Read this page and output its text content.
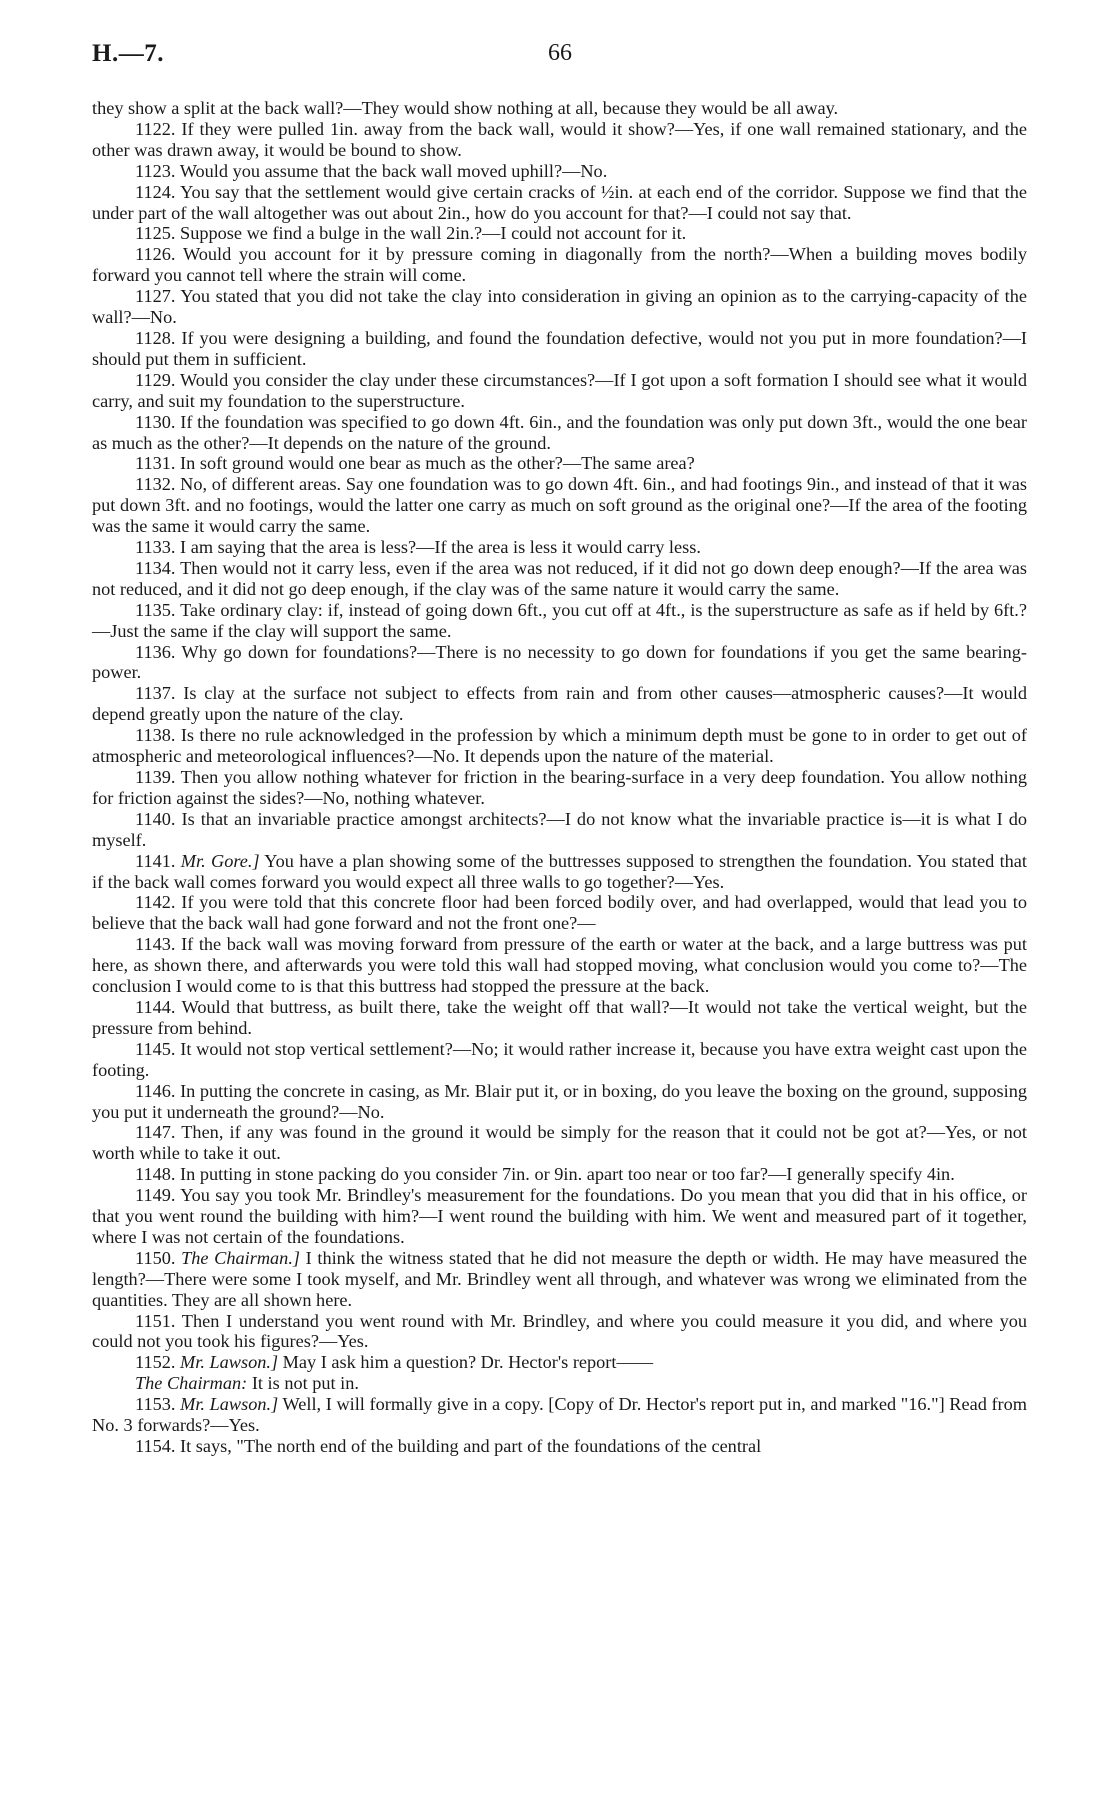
H.—7.	66

they show a split at the back wall?—They would show nothing at all, because they would be all away.

1122. If they were pulled 1in. away from the back wall, would it show?—Yes, if one wall remained stationary, and the other was drawn away, it would be bound to show.

1123. Would you assume that the back wall moved uphill?—No.

1124. You say that the settlement would give certain cracks of ½in. at each end of the corridor. Suppose we find that the under part of the wall altogether was out about 2in., how do you account for that?—I could not say that.

1125. Suppose we find a bulge in the wall 2in.?—I could not account for it.

1126. Would you account for it by pressure coming in diagonally from the north?—When a building moves bodily forward you cannot tell where the strain will come.

1127. You stated that you did not take the clay into consideration in giving an opinion as to the carrying-capacity of the wall?—No.

1128. If you were designing a building, and found the foundation defective, would not you put in more foundation?—I should put them in sufficient.

1129. Would you consider the clay under these circumstances?—If I got upon a soft formation I should see what it would carry, and suit my foundation to the superstructure.

1130. If the foundation was specified to go down 4ft. 6in., and the foundation was only put down 3ft., would the one bear as much as the other?—It depends on the nature of the ground.

1131. In soft ground would one bear as much as the other?—The same area?

1132. No, of different areas. Say one foundation was to go down 4ft. 6in., and had footings 9in., and instead of that it was put down 3ft. and no footings, would the latter one carry as much on soft ground as the original one?—If the area of the footing was the same it would carry the same.

1133. I am saying that the area is less?—If the area is less it would carry less.

1134. Then would not it carry less, even if the area was not reduced, if it did not go down deep enough?—If the area was not reduced, and it did not go deep enough, if the clay was of the same nature it would carry the same.

1135. Take ordinary clay: if, instead of going down 6ft., you cut off at 4ft., is the superstructure as safe as if held by 6ft.?—Just the same if the clay will support the same.

1136. Why go down for foundations?—There is no necessity to go down for foundations if you get the same bearing-power.

1137. Is clay at the surface not subject to effects from rain and from other causes—atmospheric causes?—It would depend greatly upon the nature of the clay.

1138. Is there no rule acknowledged in the profession by which a minimum depth must be gone to in order to get out of atmospheric and meteorological influences?—No. It depends upon the nature of the material.

1139. Then you allow nothing whatever for friction in the bearing-surface in a very deep foundation. You allow nothing for friction against the sides?—No, nothing whatever.

1140. Is that an invariable practice amongst architects?—I do not know what the invariable practice is—it is what I do myself.

1141. Mr. Gore.] You have a plan showing some of the buttresses supposed to strengthen the foundation. You stated that if the back wall comes forward you would expect all three walls to go together?—Yes.

1142. If you were told that this concrete floor had been forced bodily over, and had overlapped, would that lead you to believe that the back wall had gone forward and not the front one?—

1143. If the back wall was moving forward from pressure of the earth or water at the back, and a large buttress was put here, as shown there, and afterwards you were told this wall had stopped moving, what conclusion would you come to?—The conclusion I would come to is that this buttress had stopped the pressure at the back.

1144. Would that buttress, as built there, take the weight off that wall?—It would not take the vertical weight, but the pressure from behind.

1145. It would not stop vertical settlement?—No; it would rather increase it, because you have extra weight cast upon the footing.

1146. In putting the concrete in casing, as Mr. Blair put it, or in boxing, do you leave the boxing on the ground, supposing you put it underneath the ground?—No.

1147. Then, if any was found in the ground it would be simply for the reason that it could not be got at?—Yes, or not worth while to take it out.

1148. In putting in stone packing do you consider 7in. or 9in. apart too near or too far?—I generally specify 4in.

1149. You say you took Mr. Brindley's measurement for the foundations. Do you mean that you did that in his office, or that you went round the building with him?—I went round the building with him. We went and measured part of it together, where I was not certain of the foundations.

1150. The Chairman.] I think the witness stated that he did not measure the depth or width. He may have measured the length?—There were some I took myself, and Mr. Brindley went all through, and whatever was wrong we eliminated from the quantities. They are all shown here.

1151. Then I understand you went round with Mr. Brindley, and where you could measure it you did, and where you could not you took his figures?—Yes.

1152. Mr. Lawson.] May I ask him a question? Dr. Hector's report——

The Chairman: It is not put in.

1153. Mr. Lawson.] Well, I will formally give in a copy. [Copy of Dr. Hector's report put in, and marked "16."] Read from No. 3 forwards?—Yes.

1154. It says, "The north end of the building and part of the foundations of the central
